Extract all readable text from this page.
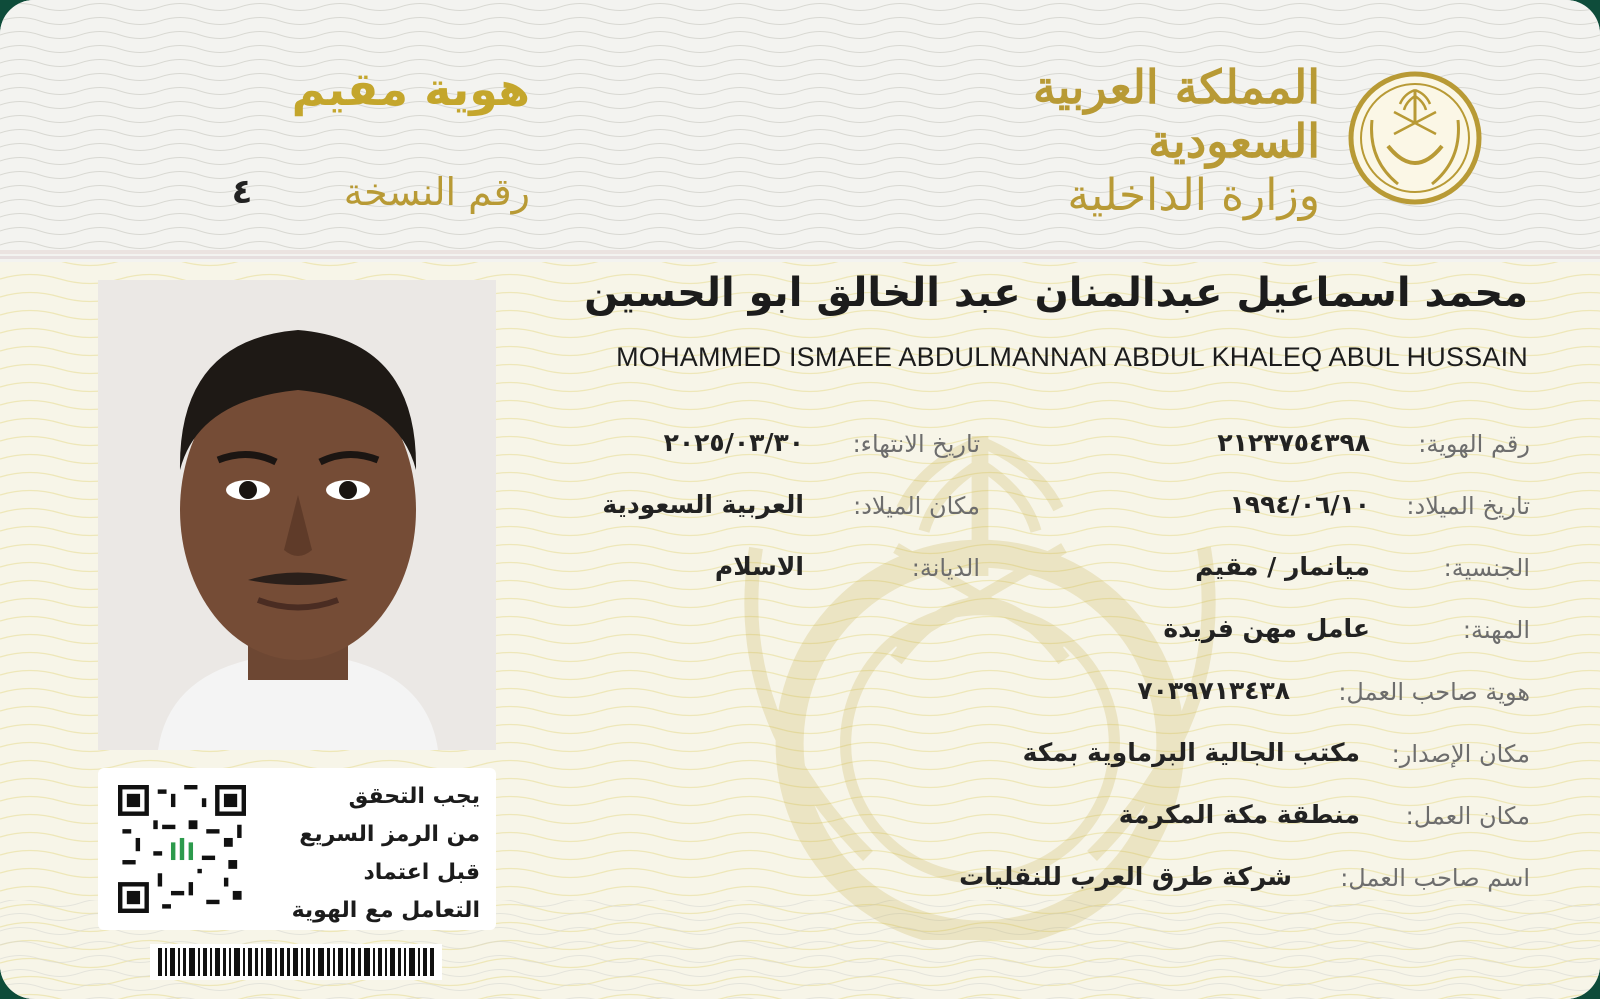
هوية مقيم
رقم النسخة
٤
المملكة العربية السعودية
وزارة الداخلية
محمد اسماعيل عبدالمنان عبد الخالق ابو الحسين
MOHAMMED ISMAEE ABDULMANNAN ABDUL KHALEQ ABUL HUSSAIN
يجب التحقق
من الرمز السريع
قبل اعتماد
التعامل مع الهوية
رقم الهوية:
٢١٢٣٧٥٤٣٩٨
تاريخ الميلاد:
١٩٩٤/٠٦/١٠
الجنسية:
ميانمار / مقيم
المهنة:
عامل مهن فريدة
هوية صاحب العمل:
٧٠٣٩٧١٣٤٣٨
مكان الإصدار:
مكتب الجالية البرماوية بمكة
مكان العمل:
منطقة مكة المكرمة
اسم صاحب العمل:
شركة طرق العرب للنقليات
تاريخ الانتهاء:
٢٠٢٥/٠٣/٣٠
مكان الميلاد:
العربية السعودية
الديانة:
الاسلام
